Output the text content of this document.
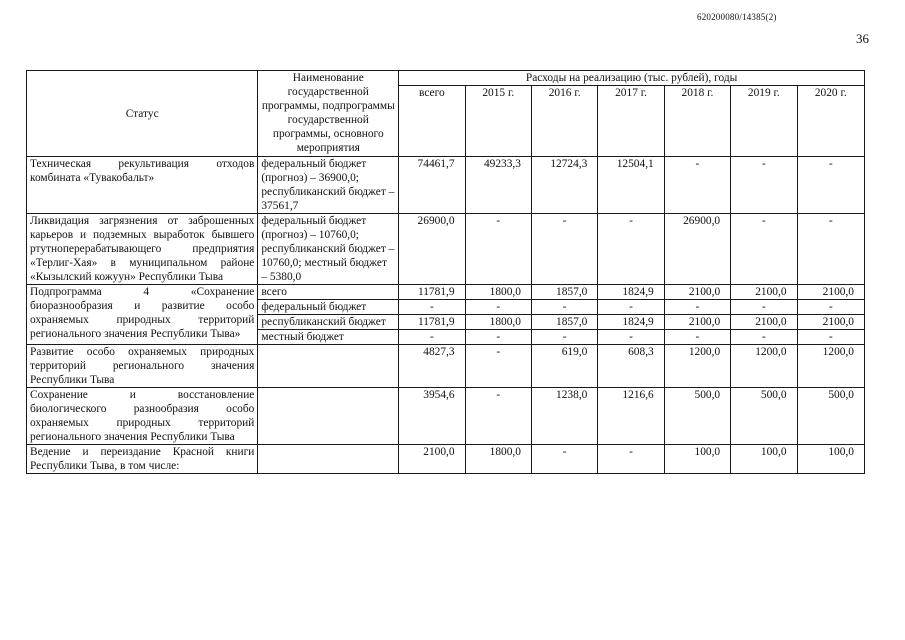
620200080/14385(2)
36
Статус	Наименование государственной программы, подпрограммы государственной программы, основного мероприятия	Расходы на реализацию (тыс. рублей), годы						
		всего	2015 г.	2016 г.	2017 г.	2018 г.	2019 г.	2020 г.
Техническая рекультивация отходов комбината «Тувакобальт»	федеральный бюджет (прогноз) – 36900,0; республиканский бюджет – 37561,7	74461,7	49233,3	12724,3	12504,1	-	-	-
Ликвидация загрязнения от заброшенных карьеров и подземных выработок бывшего ртутноперерабатывающего предприятия «Терлиг-Хая» в муниципальном районе «Кызылский кожуун» Республики Тыва	федеральный бюджет (прогноз) – 10760,0; республиканский бюджет – 10760,0; местный бюджет – 5380,0	26900,0	-	-	-	26900,0	-	-
Подпрограмма 4 «Сохранение биоразнообразия и развитие особо охраняемых природных территорий регионального значения Республики Тыва»	всего	11781,9	1800,0	1857,0	1824,9	2100,0	2100,0	2100,0
	федеральный бюджет	-	-	-	-	-	-	-
	республиканский бюджет	11781,9	1800,0	1857,0	1824,9	2100,0	2100,0	2100,0
	местный бюджет	-	-	-	-	-	-	-
Развитие особо охраняемых природных территорий регионального значения Республики Тыва		4827,3	-	619,0	608,3	1200,0	1200,0	1200,0
Сохранение и восстановление биологического разнообразия особо охраняемых природных территорий регионального значения Республики Тыва		3954,6	-	1238,0	1216,6	500,0	500,0	500,0
Ведение и переиздание Красной книги Республики Тыва, в том числе:		2100,0	1800,0	-	-	100,0	100,0	100,0
